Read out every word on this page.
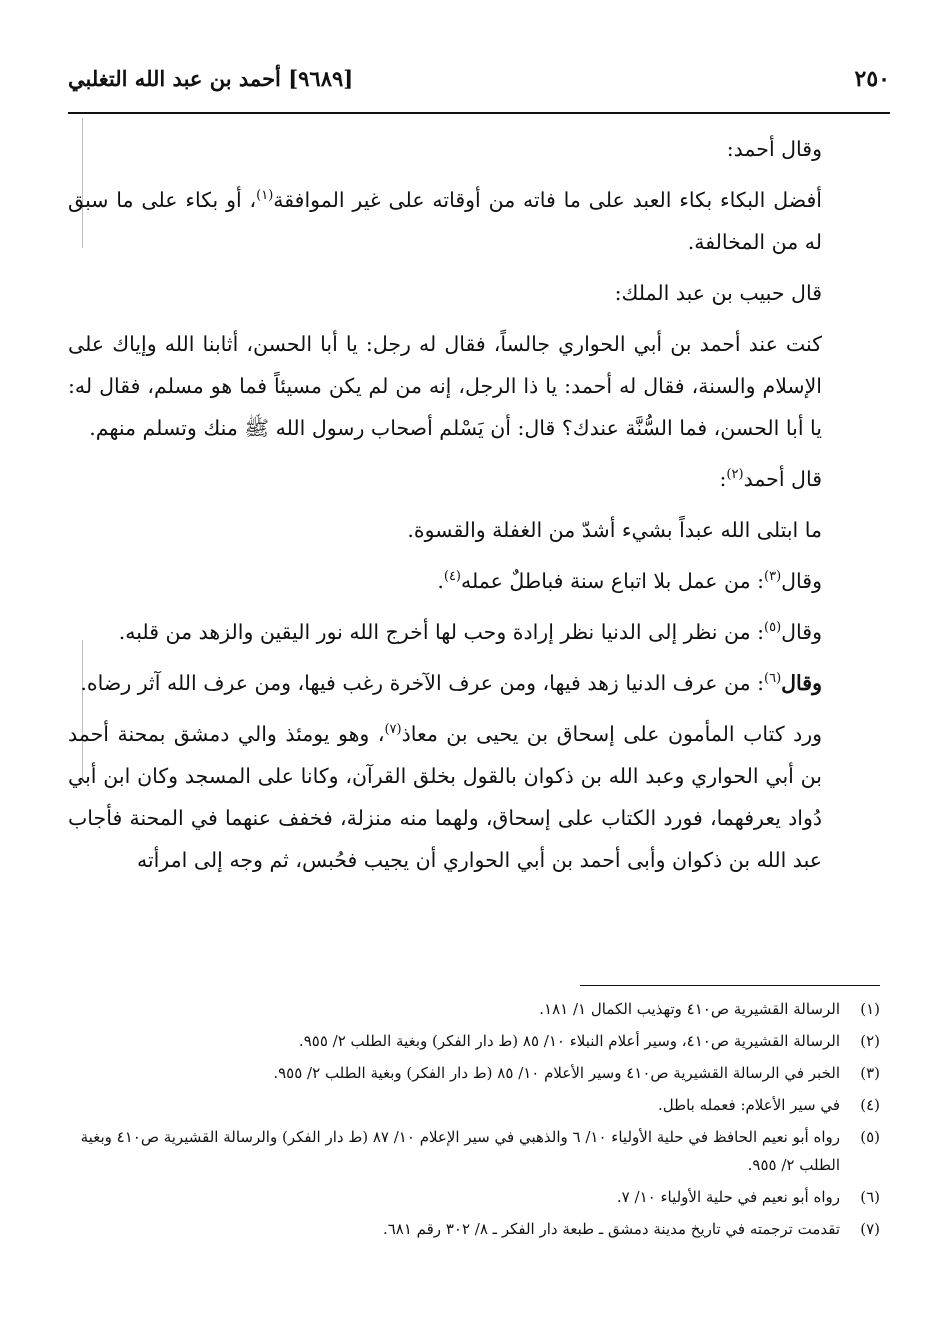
٢٥٠
[٩٦٨٩] أحمد بن عبد الله التغلبي

وقال أحمد:

أفضل البكاء بكاء العبد على ما فاته من أوقاته على غير الموافقة$^{(١)}$، أو بكاء على ما سبق له من المخالفة.

قال حبيب بن عبد الملك:

كنت عند أحمد بن أبي الحواري جالساً، فقال له رجل: يا أبا الحسن، أثابنا الله وإياك على الإسلام والسنة، فقال له أحمد: يا ذا الرجل، إنه من لم يكن مسيئاً فما هو مسلم، فقال له: يا أبا الحسن، فما السُّنَّة عندك؟ قال: أن يَسْلم أصحاب رسول الله ﷺ منك وتسلم منهم.

قال أحمد$^{(٢)}$:

ما ابتلى الله عبداً بشيء أشدّ من الغفلة والقسوة.

وقال$^{(٣)}$: من عمل بلا اتباع سنة فباطلٌ عمله$^{(٤)}$.

وقال$^{(٥)}$: من نظر إلى الدنيا نظر إرادة وحب لها أخرج الله نور اليقين والزهد من قلبه.

وقال$^{(٦)}$: من عرف الدنيا زهد فيها، ومن عرف الآخرة رغب فيها، ومن عرف الله آثر رضاه.

ورد كتاب المأمون على إسحاق بن يحيى بن معاذ$^{(٧)}$، وهو يومئذ والي دمشق بمحنة أحمد بن أبي الحواري وعبد الله بن ذكوان بالقول بخلق القرآن، وكانا على المسجد وكان ابن أبي دُواد يعرفهما، فورد الكتاب على إسحاق، ولهما منه منزلة، فخفف عنهما في المحنة فأجاب عبد الله بن ذكوان وأبى أحمد بن أبي الحواري أن يجيب فحُبس، ثم وجه إلى امرأته

(١)
الرسالة القشيرية ص٤١٠ وتهذيب الكمال ١/ ١٨١.
(٢)
الرسالة القشيرية ص٤١٠، وسير أعلام النبلاء ١٠/ ٨٥ (ط دار الفكر) وبغية الطلب ٢/ ٩٥٥.
(٣)
الخبر في الرسالة القشيرية ص٤١٠ وسير الأعلام ١٠/ ٨٥ (ط دار الفكر) وبغية الطلب ٢/ ٩٥٥.
(٤)
في سير الأعلام: فعمله باطل.
(٥)
رواه أبو نعيم الحافظ في حلية الأولياء ١٠/ ٦ والذهبي في سير الإعلام ١٠/ ٨٧ (ط دار الفكر) والرسالة القشيرية ص٤١٠ وبغية الطلب ٢/ ٩٥٥.
(٦)
رواه أبو نعيم في حلية الأولياء ١٠/ ٧.
(٧)
تقدمت ترجمته في تاريخ مدينة دمشق ـ طبعة دار الفكر ـ ٨/ ٣٠٢ رقم ٦٨١.
